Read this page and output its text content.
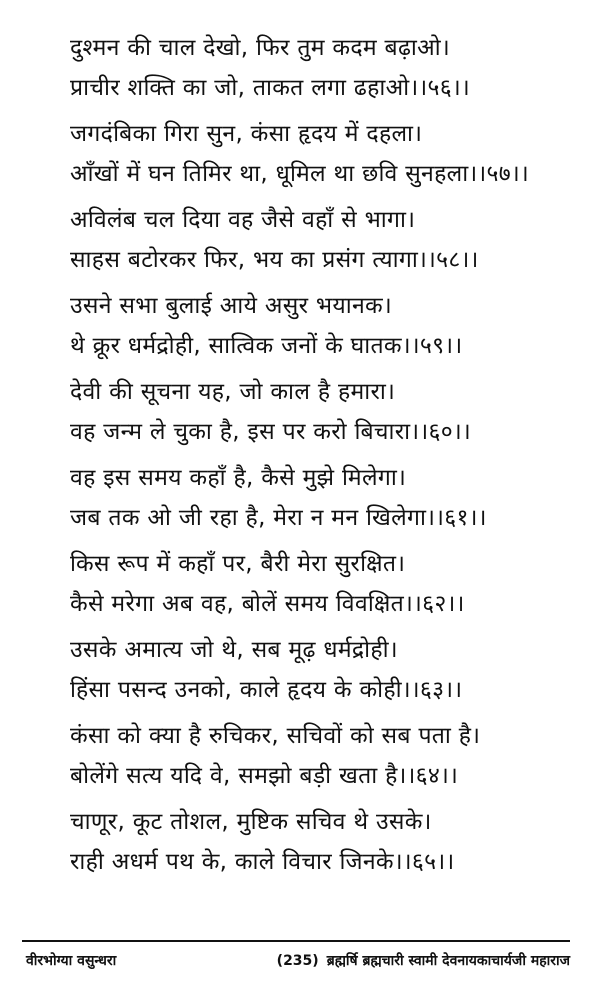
दुश्मन की चाल देखो, फिर तुम कदम बढ़ाओ।
प्राचीर शक्ति का जो, ताकत लगा ढहाओ।।५६।।
जगदंबिका गिरा सुन, कंसा हृदय में दहला।
आँखों में घन तिमिर था, धूमिल था छवि सुनहला।।५७।।
अविलंब चल दिया वह जैसे वहाँ से भागा।
साहस बटोरकर फिर, भय का प्रसंग त्यागा।।५८।।
उसने सभा बुलाई आये असुर भयानक।
थे क्रूर धर्मद्रोही, सात्विक जनों के घातक।।५९।।
देवी की सूचना यह, जो काल है हमारा।
वह जन्म ले चुका है, इस पर करो बिचारा।।६०।।
वह इस समय कहाँ है, कैसे मुझे मिलेगा।
जब तक ओ जी रहा है, मेरा न मन खिलेगा।।६१।।
किस रूप में कहाँ पर, बैरी मेरा सुरक्षित।
कैसे मरेगा अब वह, बोलें समय विवक्षित।।६२।।
उसके अमात्य जो थे, सब मूढ़ धर्मद्रोही।
हिंसा पसन्द उनको, काले हृदय के कोही।।६३।।
कंसा को क्या है रुचिकर, सचिवों को सब पता है।
बोलेंगे सत्य यदि वे, समझो बड़ी खता है।।६४।।
चाणूर, कूट तोशल, मुष्टिक सचिव थे उसके।
राही अधर्म पथ के, काले विचार जिनके।।६५।।
वीरभोग्या वसुन्धरा	(235) ब्रह्मर्षि ब्रह्मचारी स्वामी देवनायकाचार्यजी महाराज
